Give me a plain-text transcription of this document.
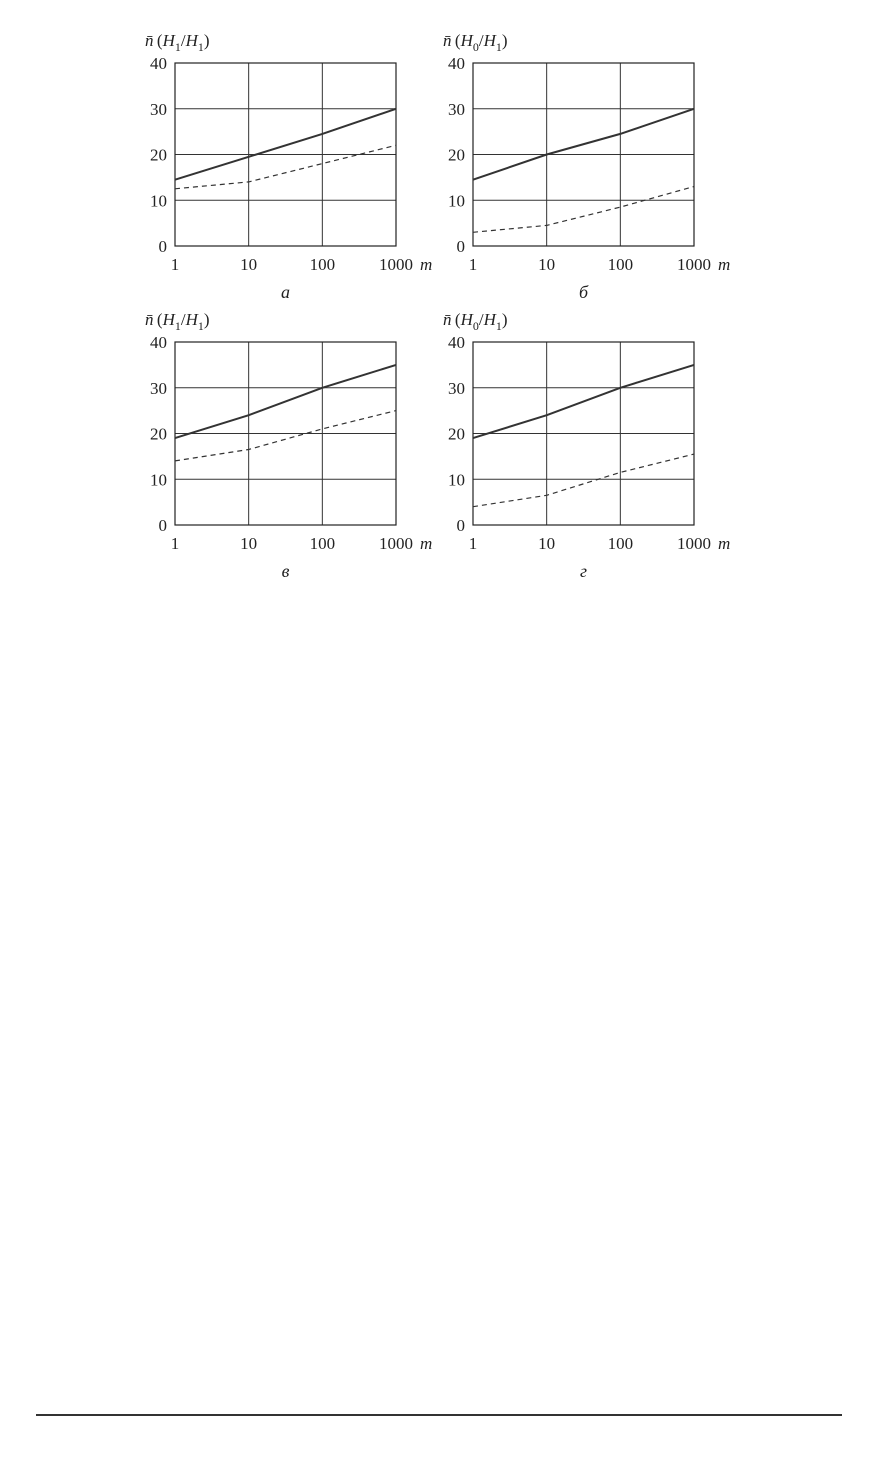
0
10
20
30
40
1	10	100	1000 m
n̄ $(H_1/H_1)$
а
0
10
20
30
40
1	10	100	1000 m
n̄ $(H_0/H_1)$
б
0
10
20
30
40
1	10	100	1000 m
n̄ $(H_1/H_1)$
в
0
10
20
30
40
1	10	100	1000 m
n̄ $(H_0/H_1)$
г
